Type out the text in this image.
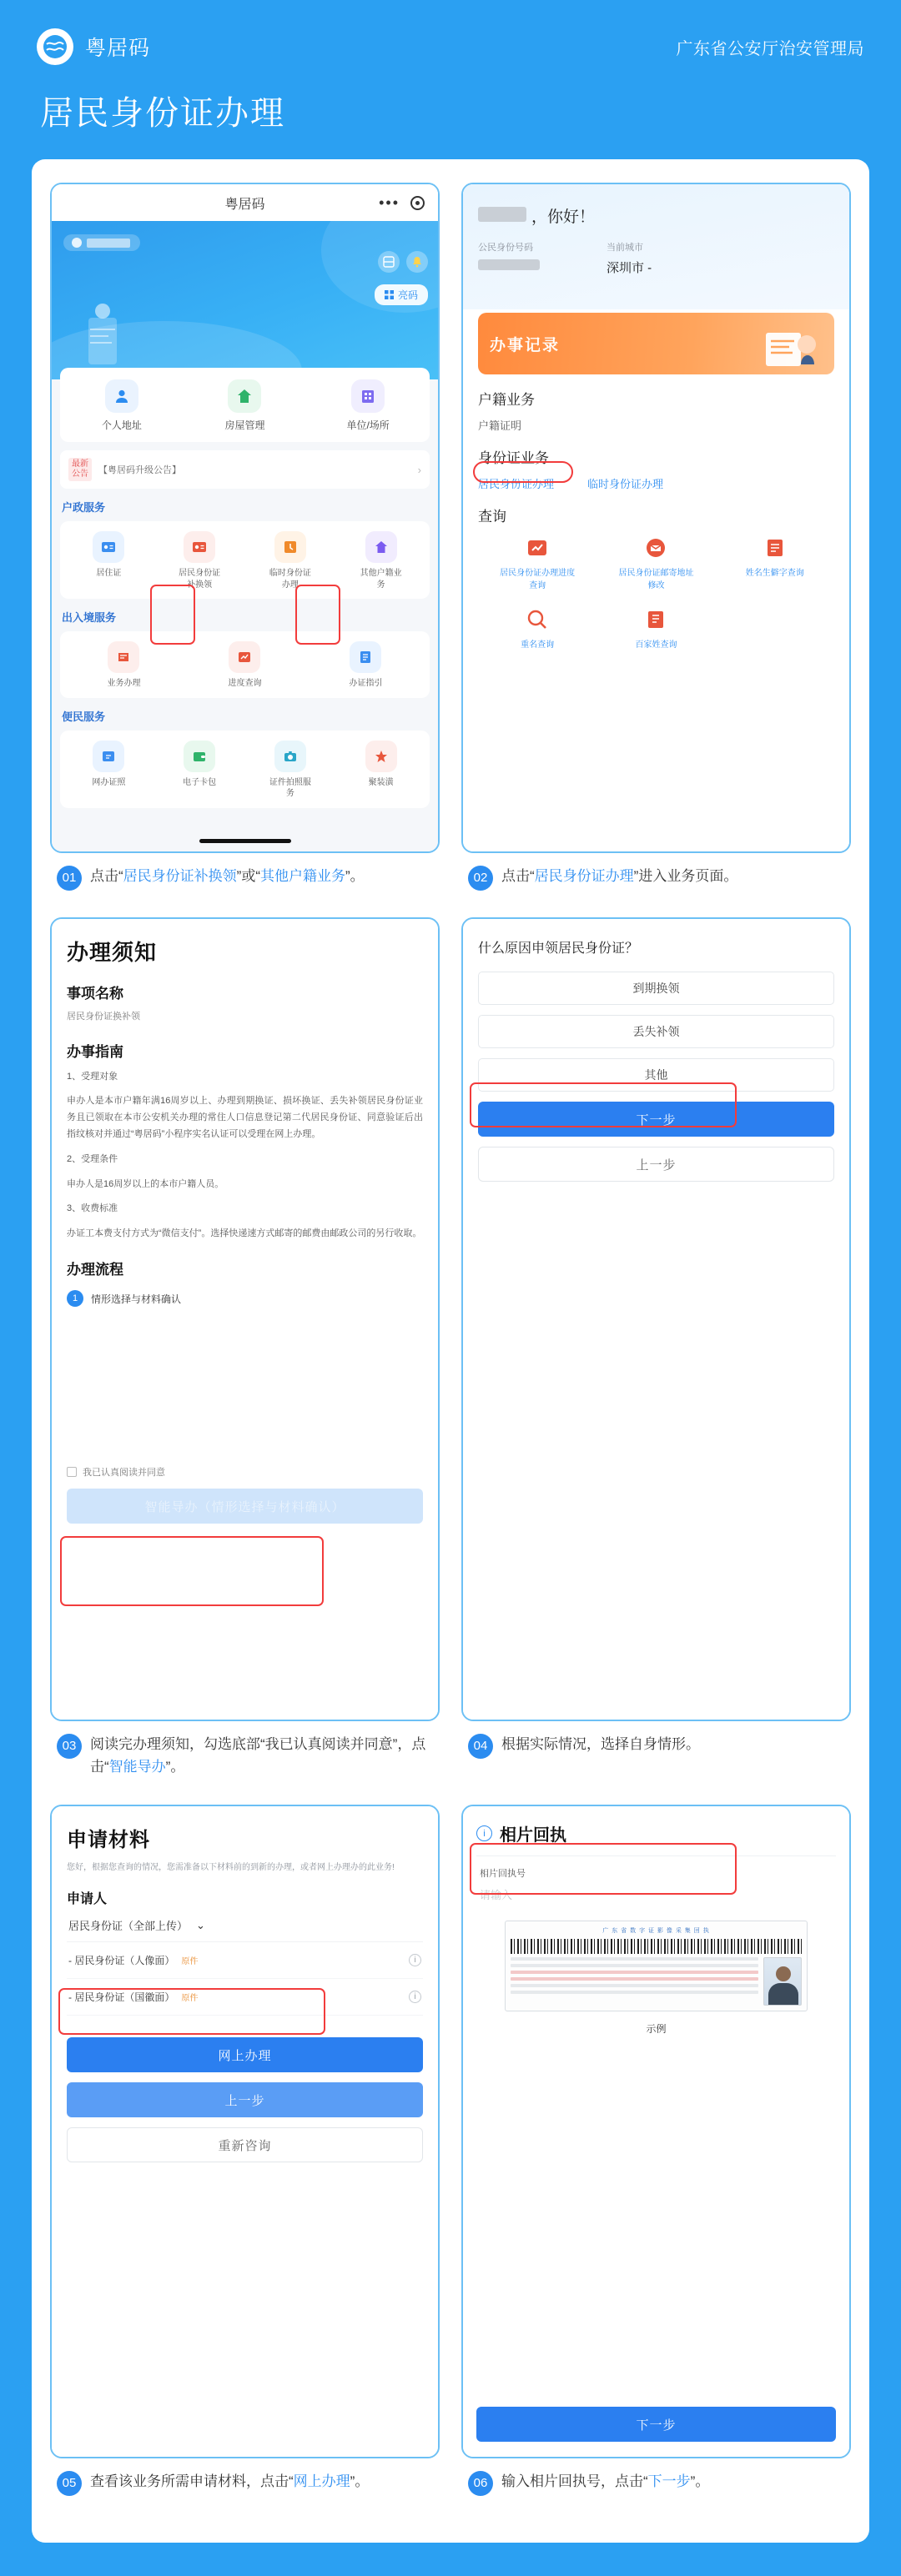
粤居码	广东省公安厅治安管理局
居民身份证办理
粤居码	•••
亮码
个人地址	房屋管理	单位/场所
最新
公告	【粤居码升级公告】	›
户政服务
居住证	居民身份证补换领
临时身份证办理
其他户籍业务
出入境服务
业务办理	进度查询	办证指引
便民服务
网办证照	电子卡包	证件拍照服务
聚装潢
01 点击“居民身份证补换领”或“其他户籍业务”。
，你好！
公民身份号码	当前城市
深圳市 -
办事记录
户籍业务
户籍证明
身份证业务
居民身份证办理	临时身份证办理
查询
居民身份证办理进度查询
居民身份证邮寄地址修改
姓名生僻字查询
重名查询	百家姓查询
02 点击“居民身份证办理”进入业务页面。
办理须知
事项名称
居民身份证换补领
办事指南
1、受理对象
申办人是本市户籍年满16周岁以上、办理到期换证、损坏换证、丢失补领居民身份证业务且已领取在本市公安机关办理的常住人口信息登记第二代居民身份证、同意验证后出指纹核对并通过“粤居码”小程序实名认证可以受理在网上办理。
2、受理条件
申办人是16周岁以上的本市户籍人员。
3、收费标准
办证工本费支付方式为“微信支付”。选择快递速方式邮寄的邮费由邮政公司的另行收取。
办理流程
1	情形选择与材料确认
我已认真阅读并同意
智能导办（情形选择与材料确认）
03 阅读完办理须知，勾选底部“我已认真阅读并同意”，点击“智能导办”。
什么原因申领居民身份证？
到期换领
丢失补领
其他
下一步
上一步
04 根据实际情况，选择自身情形。
申请材料
您好，根据您查询的情况，您需准备以下材料前的到新的办理，或者网上办理办的此业务!
申请人
居民身份证（全部上传） ⌄
- 居民身份证（人像面） 原件	i
- 居民身份证（国徽面） 原件	i
网上办理
上一步
重新咨询
05 查看该业务所需申请材料，点击“网上办理”。
i 相片回执
相片回执号
请输入
广 东 省 数 字 证 影 像 采 集 回 执
示例
下一步
06 输入相片回执号，点击“下一步”。
